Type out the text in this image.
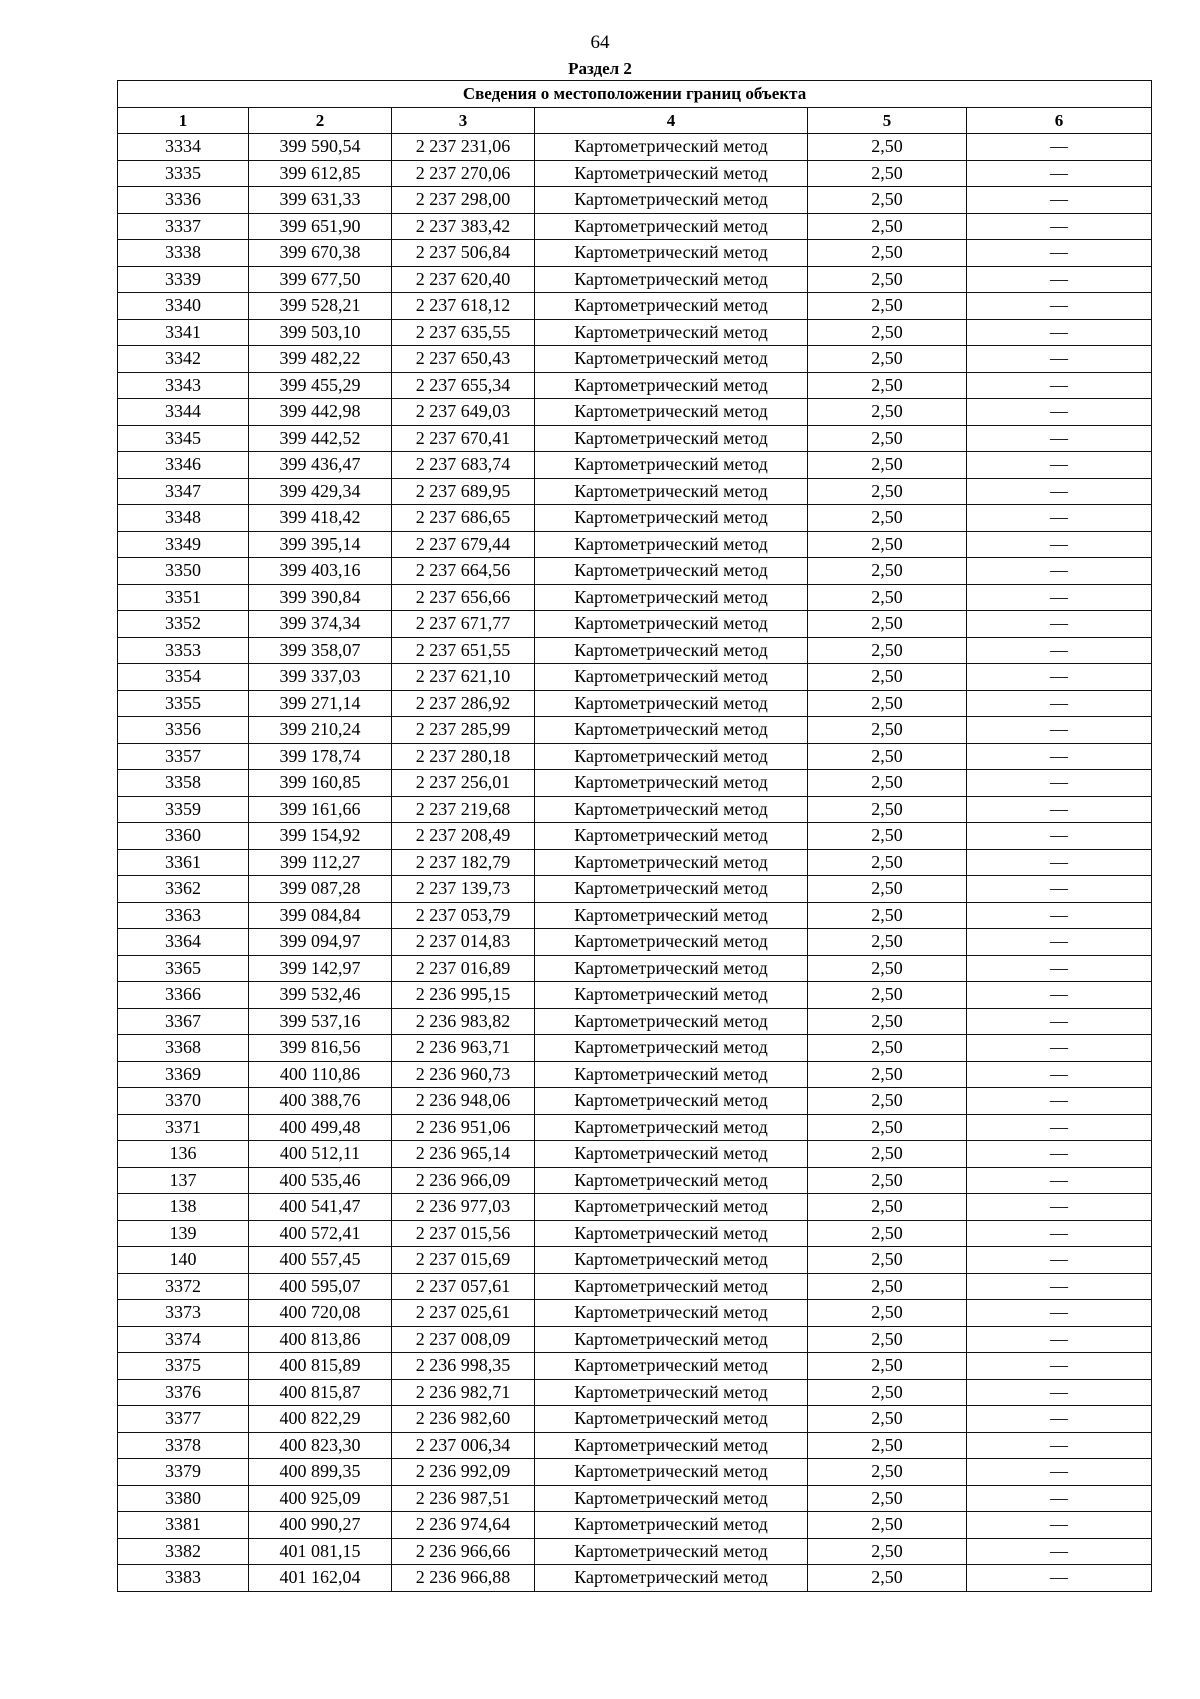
64
Раздел 2
Сведения о местоположении границ объекта					
1	2	3	4	5	6
3334	399 590,54	2 237 231,06	Картометрический метод	2,50	—
3335	399 612,85	2 237 270,06	Картометрический метод	2,50	—
3336	399 631,33	2 237 298,00	Картометрический метод	2,50	—
3337	399 651,90	2 237 383,42	Картометрический метод	2,50	—
3338	399 670,38	2 237 506,84	Картометрический метод	2,50	—
3339	399 677,50	2 237 620,40	Картометрический метод	2,50	—
3340	399 528,21	2 237 618,12	Картометрический метод	2,50	—
3341	399 503,10	2 237 635,55	Картометрический метод	2,50	—
3342	399 482,22	2 237 650,43	Картометрический метод	2,50	—
3343	399 455,29	2 237 655,34	Картометрический метод	2,50	—
3344	399 442,98	2 237 649,03	Картометрический метод	2,50	—
3345	399 442,52	2 237 670,41	Картометрический метод	2,50	—
3346	399 436,47	2 237 683,74	Картометрический метод	2,50	—
3347	399 429,34	2 237 689,95	Картометрический метод	2,50	—
3348	399 418,42	2 237 686,65	Картометрический метод	2,50	—
3349	399 395,14	2 237 679,44	Картометрический метод	2,50	—
3350	399 403,16	2 237 664,56	Картометрический метод	2,50	—
3351	399 390,84	2 237 656,66	Картометрический метод	2,50	—
3352	399 374,34	2 237 671,77	Картометрический метод	2,50	—
3353	399 358,07	2 237 651,55	Картометрический метод	2,50	—
3354	399 337,03	2 237 621,10	Картометрический метод	2,50	—
3355	399 271,14	2 237 286,92	Картометрический метод	2,50	—
3356	399 210,24	2 237 285,99	Картометрический метод	2,50	—
3357	399 178,74	2 237 280,18	Картометрический метод	2,50	—
3358	399 160,85	2 237 256,01	Картометрический метод	2,50	—
3359	399 161,66	2 237 219,68	Картометрический метод	2,50	—
3360	399 154,92	2 237 208,49	Картометрический метод	2,50	—
3361	399 112,27	2 237 182,79	Картометрический метод	2,50	—
3362	399 087,28	2 237 139,73	Картометрический метод	2,50	—
3363	399 084,84	2 237 053,79	Картометрический метод	2,50	—
3364	399 094,97	2 237 014,83	Картометрический метод	2,50	—
3365	399 142,97	2 237 016,89	Картометрический метод	2,50	—
3366	399 532,46	2 236 995,15	Картометрический метод	2,50	—
3367	399 537,16	2 236 983,82	Картометрический метод	2,50	—
3368	399 816,56	2 236 963,71	Картометрический метод	2,50	—
3369	400 110,86	2 236 960,73	Картометрический метод	2,50	—
3370	400 388,76	2 236 948,06	Картометрический метод	2,50	—
3371	400 499,48	2 236 951,06	Картометрический метод	2,50	—
136	400 512,11	2 236 965,14	Картометрический метод	2,50	—
137	400 535,46	2 236 966,09	Картометрический метод	2,50	—
138	400 541,47	2 236 977,03	Картометрический метод	2,50	—
139	400 572,41	2 237 015,56	Картометрический метод	2,50	—
140	400 557,45	2 237 015,69	Картометрический метод	2,50	—
3372	400 595,07	2 237 057,61	Картометрический метод	2,50	—
3373	400 720,08	2 237 025,61	Картометрический метод	2,50	—
3374	400 813,86	2 237 008,09	Картометрический метод	2,50	—
3375	400 815,89	2 236 998,35	Картометрический метод	2,50	—
3376	400 815,87	2 236 982,71	Картометрический метод	2,50	—
3377	400 822,29	2 236 982,60	Картометрический метод	2,50	—
3378	400 823,30	2 237 006,34	Картометрический метод	2,50	—
3379	400 899,35	2 236 992,09	Картометрический метод	2,50	—
3380	400 925,09	2 236 987,51	Картометрический метод	2,50	—
3381	400 990,27	2 236 974,64	Картометрический метод	2,50	—
3382	401 081,15	2 236 966,66	Картометрический метод	2,50	—
3383	401 162,04	2 236 966,88	Картометрический метод	2,50	—
